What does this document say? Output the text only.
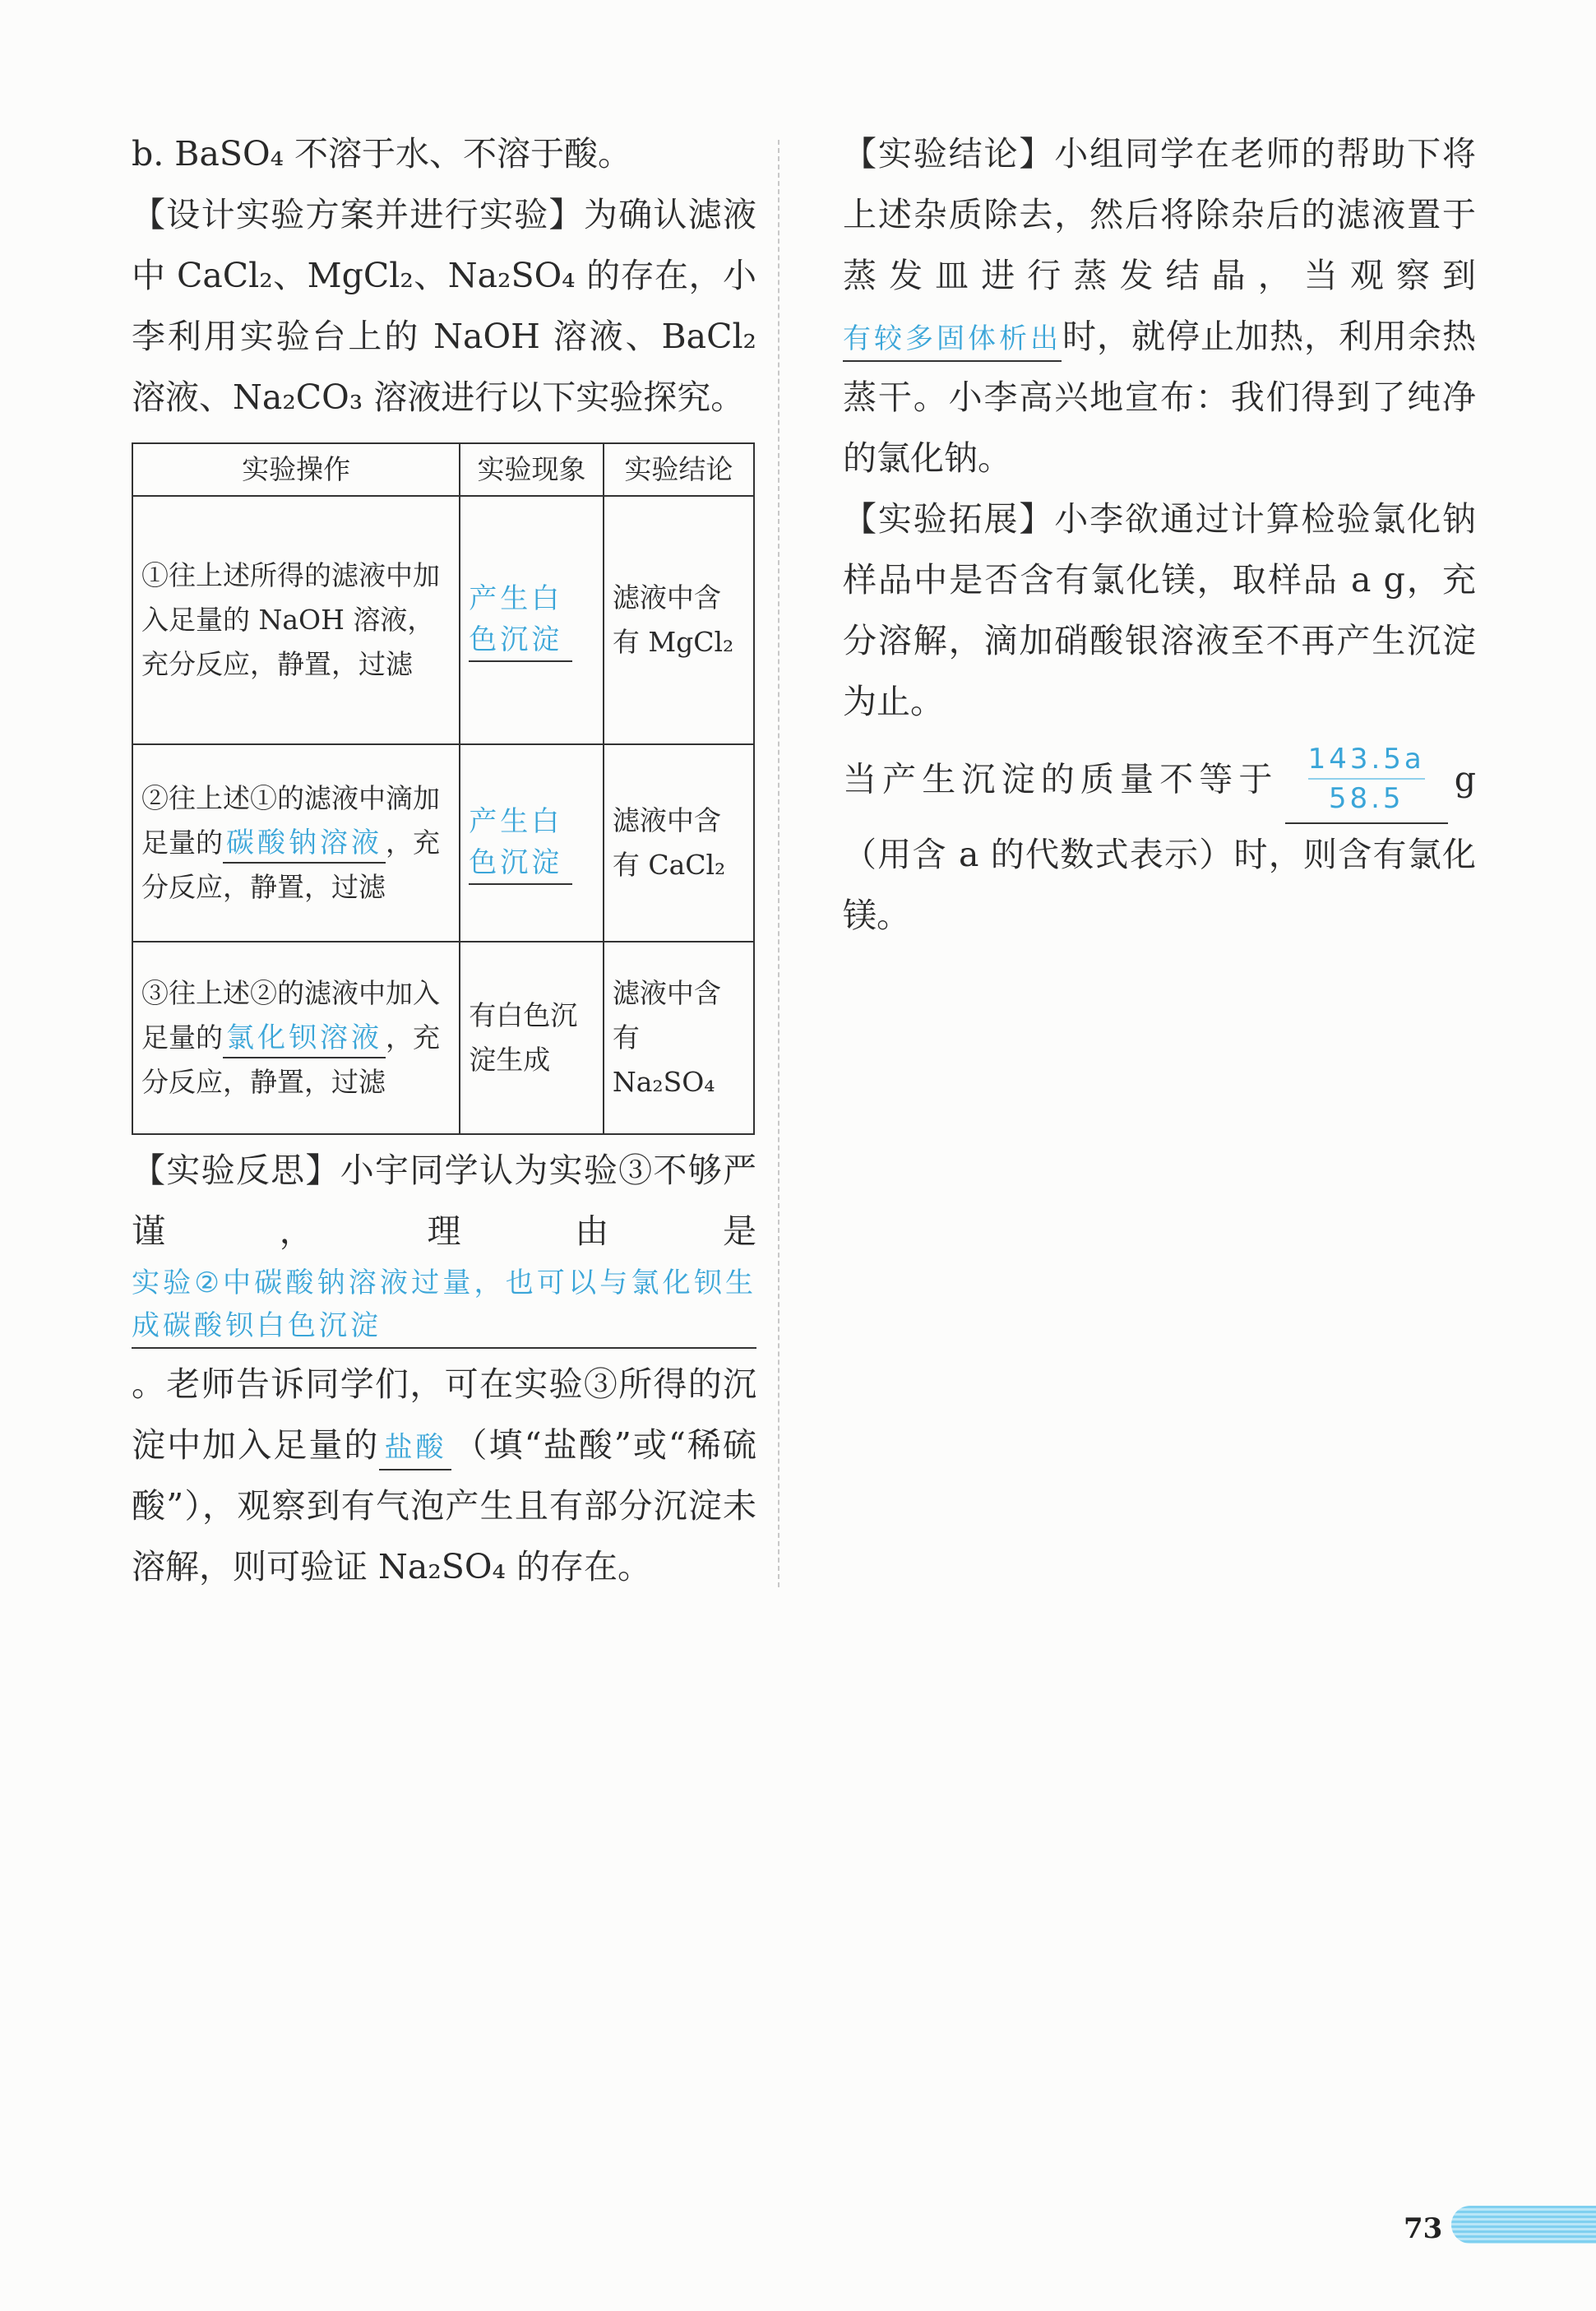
b. BaSO₄ 不溶于水、不溶于酸。

【设计实验方案并进行实验】为确认滤液中 CaCl₂、MgCl₂、Na₂SO₄ 的存在，小李利用实验台上的 NaOH 溶液、BaCl₂ 溶液、Na₂CO₃ 溶液进行以下实验探究。

实验操作	实验现象	实验结论
①往上述所得的滤液中加入足量的 NaOH 溶液，充分反应，静置，过滤	产生白色沉淀	滤液中含有 MgCl₂
②往上述①的滤液中滴加足量的 碳酸钠溶液 ，充分反应，静置，过滤	产生白色沉淀	滤液中含有 CaCl₂
③往上述②的滤液中加入足量的 氯化钡溶液 ，充分反应，静置，过滤	有白色沉淀生成	滤液中含有 Na₂SO₄

【实验反思】小宇同学认为实验③不够严谨，理由是实验②中碳酸钠溶液过量，也可以与氯化钡生成碳酸钡白色沉淀。老师告诉同学们，可在实验③所得的沉淀中加入足量的 盐酸 （填“盐酸”或“稀硫酸”），观察到有气泡产生且有部分沉淀未溶解，则可验证 Na₂SO₄ 的存在。

【实验结论】小组同学在老师的帮助下将上述杂质除去，然后将除杂后的滤液置于蒸发皿进行蒸发结晶，当观察到有较多固体析出时，就停止加热，利用余热蒸干。小李高兴地宣布：我们得到了纯净的氯化钠。

【实验拓展】小李欲通过计算检验氯化钠样品中是否含有氯化镁，取样品 a g，充分溶解，滴加硝酸银溶液至不再产生沉淀为止。

当产生沉淀的质量不等于 $\frac{143.5a}{58.5} g$（用含 a 的代数式表示）时，则含有氯化镁。

73
